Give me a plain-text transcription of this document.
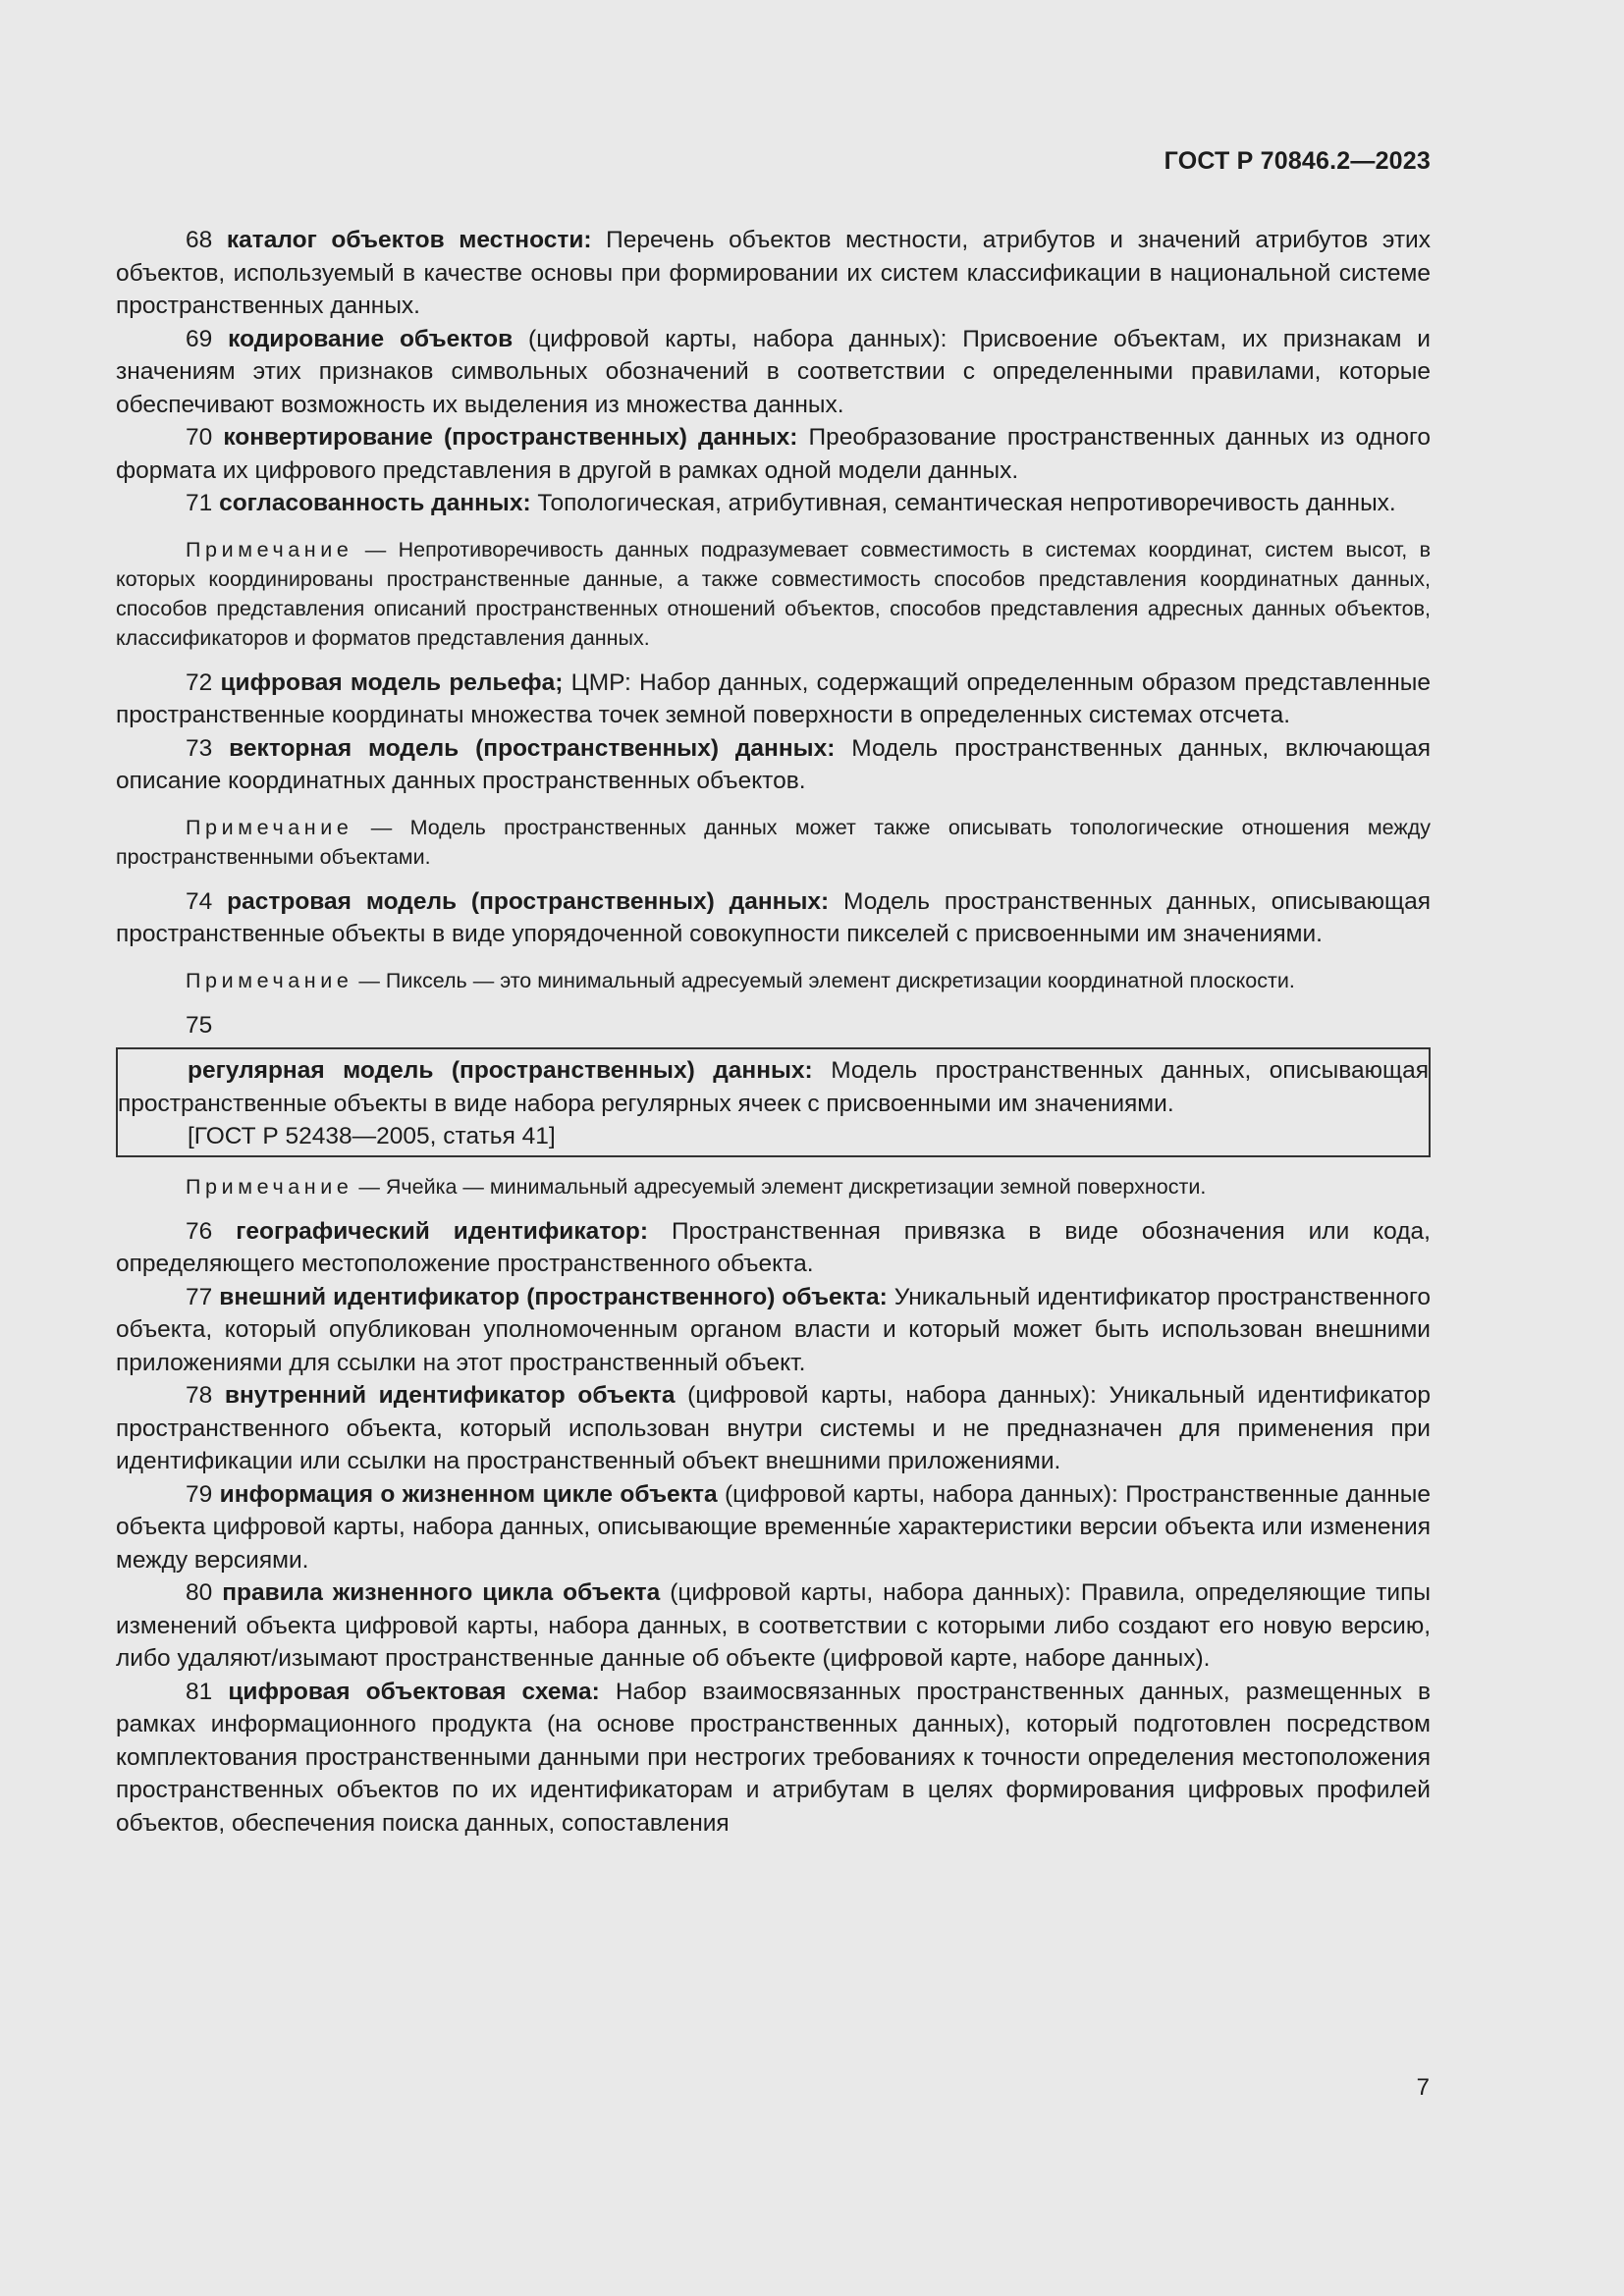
ГОСТ Р 70846.2—2023

68 каталог объектов местности: Перечень объектов местности, атрибутов и значений атрибутов этих объектов, используемый в качестве основы при формировании их систем классификации в национальной системе пространственных данных.

69 кодирование объектов (цифровой карты, набора данных): Присвоение объектам, их признакам и значениям этих признаков символьных обозначений в соответствии с определенными правилами, которые обеспечивают возможность их выделения из множества данных.

70 конвертирование (пространственных) данных: Преобразование пространственных данных из одного формата их цифрового представления в другой в рамках одной модели данных.

71 согласованность данных: Топологическая, атрибутивная, семантическая непротиворечивость данных.

Примечание — Непротиворечивость данных подразумевает совместимость в системах координат, систем высот, в которых координированы пространственные данные, а также совместимость способов представления координатных данных, способов представления описаний пространственных отношений объектов, способов представления адресных данных объектов, классификаторов и форматов представления данных.

72 цифровая модель рельефа; ЦМР: Набор данных, содержащий определенным образом представленные пространственные координаты множества точек земной поверхности в определенных системах отсчета.

73 векторная модель (пространственных) данных: Модель пространственных данных, включающая описание координатных данных пространственных объектов.

Примечание — Модель пространственных данных может также описывать топологические отношения между пространственными объектами.

74 растровая модель (пространственных) данных: Модель пространственных данных, описывающая пространственные объекты в виде упорядоченной совокупности пикселей с присвоенными им значениями.

Примечание — Пиксель — это минимальный адресуемый элемент дискретизации координатной плоскости.

75

регулярная модель (пространственных) данных: Модель пространственных данных, описывающая пространственные объекты в виде набора регулярных ячеек с присвоенными им значениями.

[ГОСТ Р 52438—2005, статья 41]

Примечание — Ячейка — минимальный адресуемый элемент дискретизации земной поверхности.

76 географический идентификатор: Пространственная привязка в виде обозначения или кода, определяющего местоположение пространственного объекта.

77 внешний идентификатор (пространственного) объекта: Уникальный идентификатор пространственного объекта, который опубликован уполномоченным органом власти и который может быть использован внешними приложениями для ссылки на этот пространственный объект.

78 внутренний идентификатор объекта (цифровой карты, набора данных): Уникальный идентификатор пространственного объекта, который использован внутри системы и не предназначен для применения при идентификации или ссылки на пространственный объект внешними приложениями.

79 информация о жизненном цикле объекта (цифровой карты, набора данных): Пространственные данные объекта цифровой карты, набора данных, описывающие временны́е характеристики версии объекта или изменения между версиями.

80 правила жизненного цикла объекта (цифровой карты, набора данных): Правила, определяющие типы изменений объекта цифровой карты, набора данных, в соответствии с которыми либо создают его новую версию, либо удаляют/изымают пространственные данные об объекте (цифровой карте, наборе данных).

81 цифровая объектовая схема: Набор взаимосвязанных пространственных данных, размещенных в рамках информационного продукта (на основе пространственных данных), который подготовлен посредством комплектования пространственными данными при нестрогих требованиях к точности определения местоположения пространственных объектов по их идентификаторам и атрибутам в целях формирования цифровых профилей объектов, обеспечения поиска данных, сопоставления

7
